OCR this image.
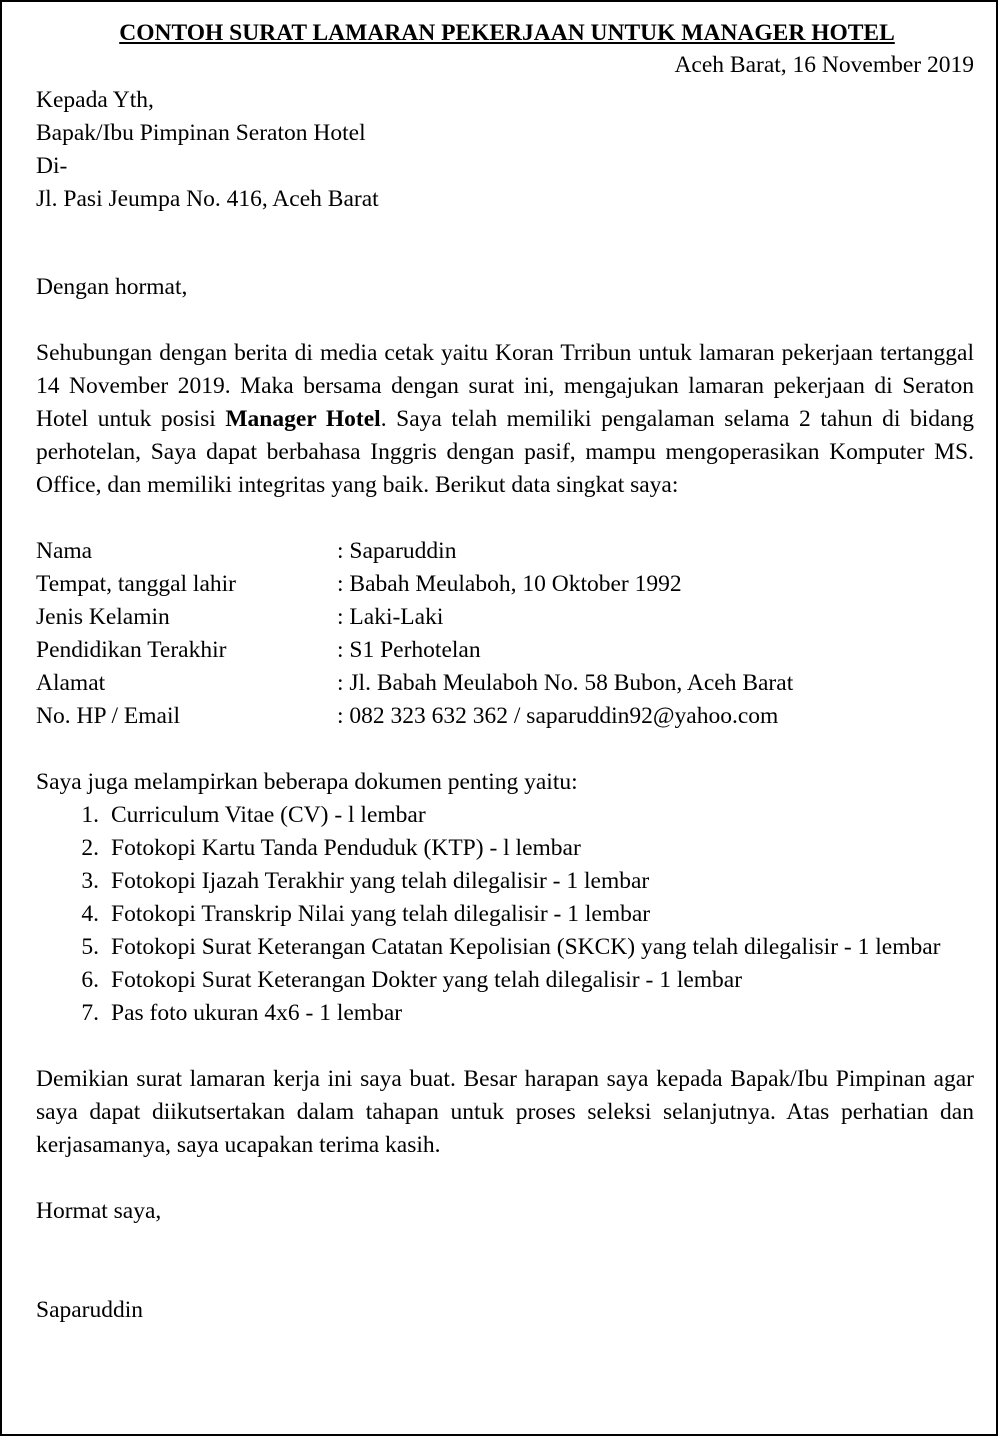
CONTOH SURAT LAMARAN PEKERJAAN UNTUK MANAGER HOTEL

Aceh Barat, 16 November 2019

Kepada Yth,

Bapak/Ibu Pimpinan Seraton Hotel

Di-

Jl. Pasi Jeumpa No. 416, Aceh Barat

Dengan hormat,

Sehubungan dengan berita di media cetak yaitu Koran Trribun untuk lamaran pekerjaan tertanggal 14 November 2019. Maka bersama dengan surat ini, mengajukan lamaran pekerjaan di Seraton Hotel untuk posisi Manager Hotel. Saya telah memiliki pengalaman selama 2 tahun di bidang perhotelan, Saya dapat berbahasa Inggris dengan pasif, mampu mengoperasikan Komputer MS. Office, dan memiliki integritas yang baik. Berikut data singkat saya:

Nama	: Saparuddin
Tempat, tanggal lahir	: Babah Meulaboh, 10 Oktober 1992
Jenis Kelamin	: Laki-Laki
Pendidikan Terakhir	: S1 Perhotelan
Alamat	: Jl. Babah Meulaboh No. 58 Bubon, Aceh Barat
No. HP / Email	: 082 323 632 362 / saparuddin92@yahoo.com

Saya juga melampirkan beberapa dokumen penting yaitu:

1. Curriculum Vitae (CV) - l lembar
2. Fotokopi Kartu Tanda Penduduk (KTP) - l lembar
3. Fotokopi Ijazah Terakhir yang telah dilegalisir - 1 lembar
4. Fotokopi Transkrip Nilai yang telah dilegalisir - 1 lembar
5. Fotokopi Surat Keterangan Catatan Kepolisian (SKCK) yang telah dilegalisir - 1 lembar
6. Fotokopi Surat Keterangan Dokter yang telah dilegalisir - 1 lembar
7. Pas foto ukuran 4x6 - 1 lembar

Demikian surat lamaran kerja ini saya buat. Besar harapan saya kepada Bapak/Ibu Pimpinan agar saya dapat diikutsertakan dalam tahapan untuk proses seleksi selanjutnya. Atas perhatian dan kerjasamanya, saya ucapakan terima kasih.

Hormat saya,

Saparuddin
